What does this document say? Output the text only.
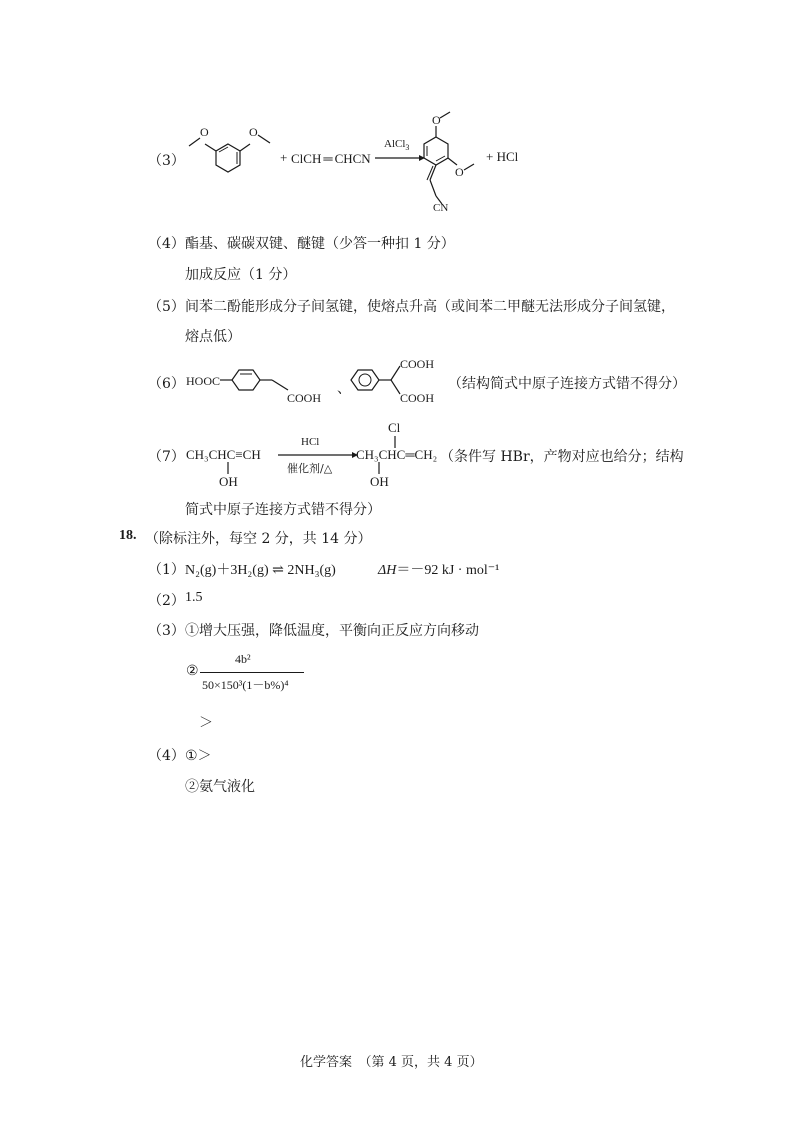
（3）
O	O
+ ClCH ═ CHCN
AlCl$_3$
O
O
CN
+ HCl
（4） 酯基、碳碳双键、醚键（少答一种扣 1 分）
加成反应（1 分）
（5） 间苯二酚能形成分子间氢键，使熔点升高（或间苯二甲醚无法形成分子间氢键，
熔点低）
（6） HOOC
COOH
、
COOH
COOH
（结构简式中原子连接方式错不得分）
（7） CH₃CHC≡CH
OH
HCl
催化剂/△
Cl
CH₃CHC═CH₂
OH
（条件写 HBr，产物对应也给分；结构
简式中原子连接方式错不得分）
18. （除标注外，每空 2 分，共 14 分）
（1） N₂(g)＋3H₂(g) ⇌ 2NH₃(g)	ΔH＝－92 kJ · mol⁻¹
（2） 1.5
（3） ①增大压强，降低温度，平衡向正反应方向移动
②
4b²
50×150³(1－b%)⁴
＞
（4） ①＞
②氨气液化
化学答案　（第 4 页，共 4 页）
